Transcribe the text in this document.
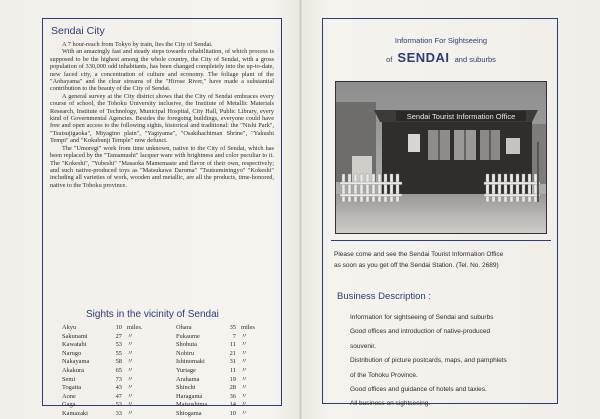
Sendai City

A 7 hour-reach from Tokyo by train, lies the City of Sendai.

With an amazingly fast and steady steps towards rehabilitation, of which process is supposed to be the highest among the whole country, the City of Sendai, with a gross population of 330,000 odd inhabitants, has been changed completely into the up-to-date, new faced city, a concentration of culture and economy. The foliage plant of the "Aobayama" and the clear streams of the "Hirose River," have made a substantial contribution to the beauty of the City of Sendai.

A general survey at the City district shows that the City of Sendai embraces every course of school, the Tohoku University inclusive, the Institute of Metallic Materials Research, Institute of Technology, Municipal Hospital, City Hall, Public Library, every kind of Governmental Agencies. Besides the foregoing buildings, everyone could have free and open access to the following sights, historical and traditional: the "Nishi Park", "Tsutsujigaoka", Miyagino plain", "Yagiyama", "Osakihachiman Shrine", "Yakushi Tempi" and "Kokubunji Temple" now defunct.

The "Umoregi" work from time unknown, native to the City of Sendai, which has been replaced by the "Tamamushi" lacquer ware with brightness and color peculiar to it. The "Kokeshi", "Yubeshi" "Masaoka Mamemaste and flavor of their own, respectively; and such native-produced toys as "Matsukawa Daruma" "Tsutsuminingyo" "Kokeshi" including all varieties of work, wooden and metallic, are all the products, time-honored, native to the Tohoku province.

Sights in the vicinity of Sendai
Akyu	10 miles.
Sakunami	27 〃
Kawatabi	53 〃
Narugo	55 〃
Nakayama	58 〃
Akakura	65 〃
Semi	73 〃
Togatta	43 〃
Aone	47 〃
Gaga	53 〃
Kamazaki	33 〃
Ohara	35 miles
Fukaume	7 〃
Shobuta	11 〃
Nobiru	21 〃
Ishinomaki	31 〃
Yuriage	11 〃
Arahama	19 〃
Shinchi	28 〃
Haragama	36 〃
Matsushima	14 〃
Shiogama	10 〃
Information For Sightseeing
of SENDAI and suburbs
Sendai Tourist Information Office
Please come and see the Sendai Tourist Information Office
as soon as you get off the Sendai Station. (Tel. No. 2689)
Business Description :
Information for sightseeing of Sendai and suburbs
Good offices and introduction of native-produced
souvenir.
Distribution of picture postcards, maps, and pamphlets
of the Tohoku Province.
Good offices and guidance of hotels and taxies.
All business on sightseeing.
